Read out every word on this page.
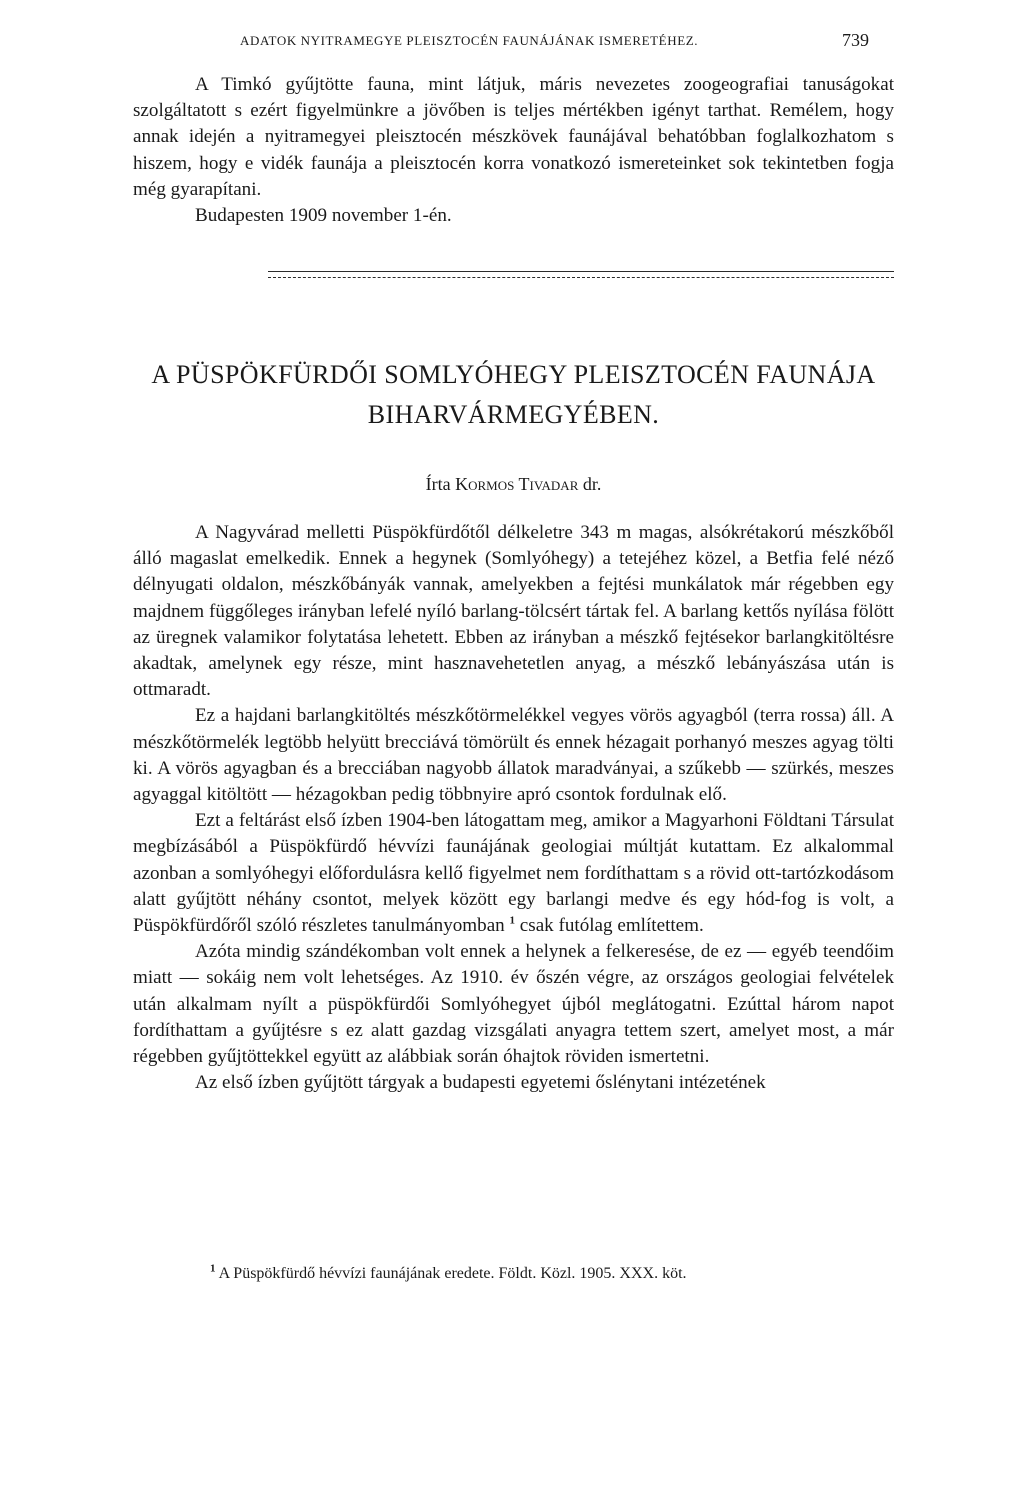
ADATOK NYITRAMEGYE PLEISZTOCÉN FAUNÁJÁNAK ISMERETÉHEZ.	739
A Timkó gyűjtötte fauna, mint látjuk, máris nevezetes zoogeografiai tanuságokat szolgáltatott s ezért figyelmünkre a jövőben is teljes mértékben igényt tarthat. Remélem, hogy annak idején a nyitramegyei pleisztocén mészkövek faunájával behatóbban foglalkozhatom s hiszem, hogy e vidék faunája a pleisztocén korra vonatkozó ismereteinket sok tekintetben fogja még gyarapítani.
Budapesten 1909 november 1-én.
A PÜSPÖKFÜRDŐI SOMLYÓHEGY PLEISZTOCÉN FAUNÁJA
BIHARVÁRMEGYÉBEN.
Írta Kormos Tivadar dr.
A Nagyvárad melletti Püspökfürdőtől délkeletre 343 m magas, alsókrétakorú mészkőből álló magaslat emelkedik. Ennek a hegynek (Somlyóhegy) a tetejéhez közel, a Betfia felé néző délnyugati oldalon, mészkőbányák vannak, amelyekben a fejtési munkálatok már régebben egy majdnem függőleges irányban lefelé nyíló barlang-tölcsért tártak fel. A barlang kettős nyílása fölött az üregnek valamikor folytatása lehetett. Ebben az irányban a mészkő fejtésekor barlangkitöltésre akadtak, amelynek egy része, mint hasznavehetetlen anyag, a mészkő lebányászása után is ottmaradt.
Ez a hajdani barlangkitöltés mészkőtörmelékkel vegyes vörös agyagból (terra rossa) áll. A mészkőtörmelék legtöbb helyütt brecciává tömörült és ennek hézagait porhanyó meszes agyag tölti ki. A vörös agyagban és a brecciában nagyobb állatok maradványai, a szűkebb — szürkés, meszes agyaggal kitöltött — hézagokban pedig többnyire apró csontok fordulnak elő.
Ezt a feltárást első ízben 1904-ben látogattam meg, amikor a Magyarhoni Földtani Társulat megbízásából a Püspökfürdő hévvízi faunájának geologiai múltját kutattam. Ez alkalommal azonban a somlyóhegyi előfordulásra kellő figyelmet nem fordíthattam s a rövid ott-tartózkodásom alatt gyűjtött néhány csontot, melyek között egy barlangi medve és egy hód-fog is volt, a Püspökfürdőről szóló részletes tanulmányomban $^1$ csak futólag említettem.
Azóta mindig szándékomban volt ennek a helynek a felkeresése, de ez — egyéb teendőim miatt — sokáig nem volt lehetséges. Az 1910. év őszén végre, az országos geologiai felvételek után alkalmam nyílt a püspökfürdői Somlyóhegyet újból meglátogatni. Ezúttal három napot fordíthattam a gyűjtésre s ez alatt gazdag vizsgálati anyagra tettem szert, amelyet most, a már régebben gyűjtöttekkel együtt az alábbiak során óhajtok röviden ismertetni.
Az első ízben gyűjtött tárgyak a budapesti egyetemi őslénytani intézetének
$^1$ A Püspökfürdő hévvízi faunájának eredete. Földt. Közl. 1905. XXX. köt.
